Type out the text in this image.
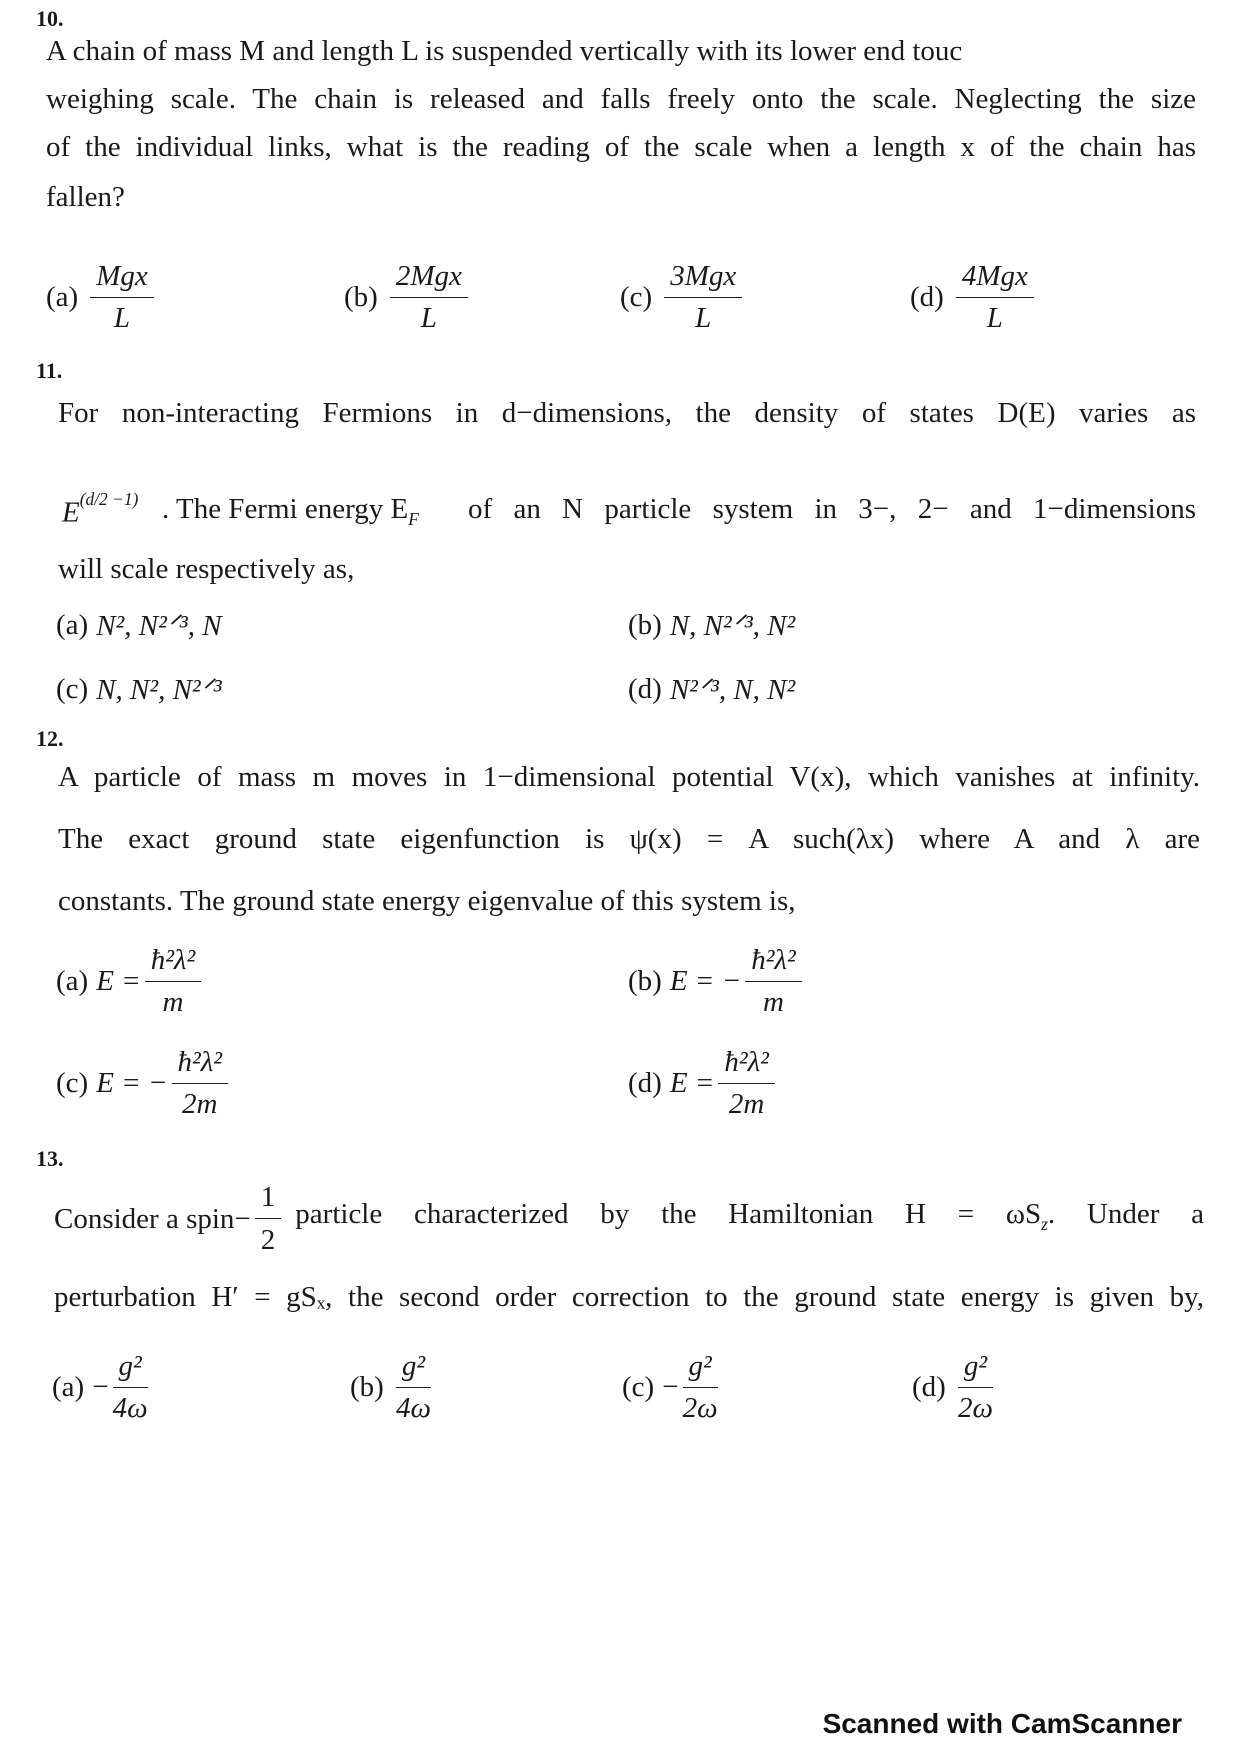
10.
A chain of mass M and length L is suspended vertically with its lower end touc
weighing scale. The chain is released and falls freely onto the scale. Neglecting the size
of the individual links, what is the reading of the scale when a length x of the chain has
fallen?
$(a) \frac{\text{Mgx}}{L}$	$(b) \frac{\text{2Mgx}}{L}$	$(c) \frac{\text{3Mgx}}{L}$	$(d) \frac{\text{4Mgx}}{L}$
11.
For non-interacting Fermions in d−dimensions, the density of states D(E) varies as
$E^{(d/2 -1)}$ . The Fermi energy $E_F$ of an N particle system in 3−, 2− and 1−dimensions
will scale respectively as,
(a) N², N²ᐟ³, N	(b) N, N²ᐟ³, N²
(c) N, N², N²ᐟ³	(d) N²ᐟ³, N, N²
12.
A particle of mass m moves in 1−dimensional potential V(x), which vanishes at infinity.
The exact ground state eigenfunction is ψ(x) = A such(λx) where A and λ are
constants. The ground state energy eigenvalue of this system is,
(a) $E = \frac{\text{ħ²λ²}}{m}$	(b) E = − $\frac{\text{ħ²λ²}}{m}$
(c) E = − $\frac{\text{ħ²λ²}}{2m}$	(d) $E = \frac{\text{ħ²λ²}}{2m}$
13.
Consider a spin− $\frac{1}{2}$ particle characterized by the Hamiltonian $H = \omega S_z$. Under a
perturbation H′ = gSₓ, the second order correction to the ground state energy is given by,
$(a) - \frac{\text{g²}}{4\omega}$	$(b) \frac{\text{g²}}{4\omega}$	$(c) - \frac{\text{g²}}{2\omega}$	$(d) \frac{\text{g²}}{2\omega}$
Scanned with CamScanner
